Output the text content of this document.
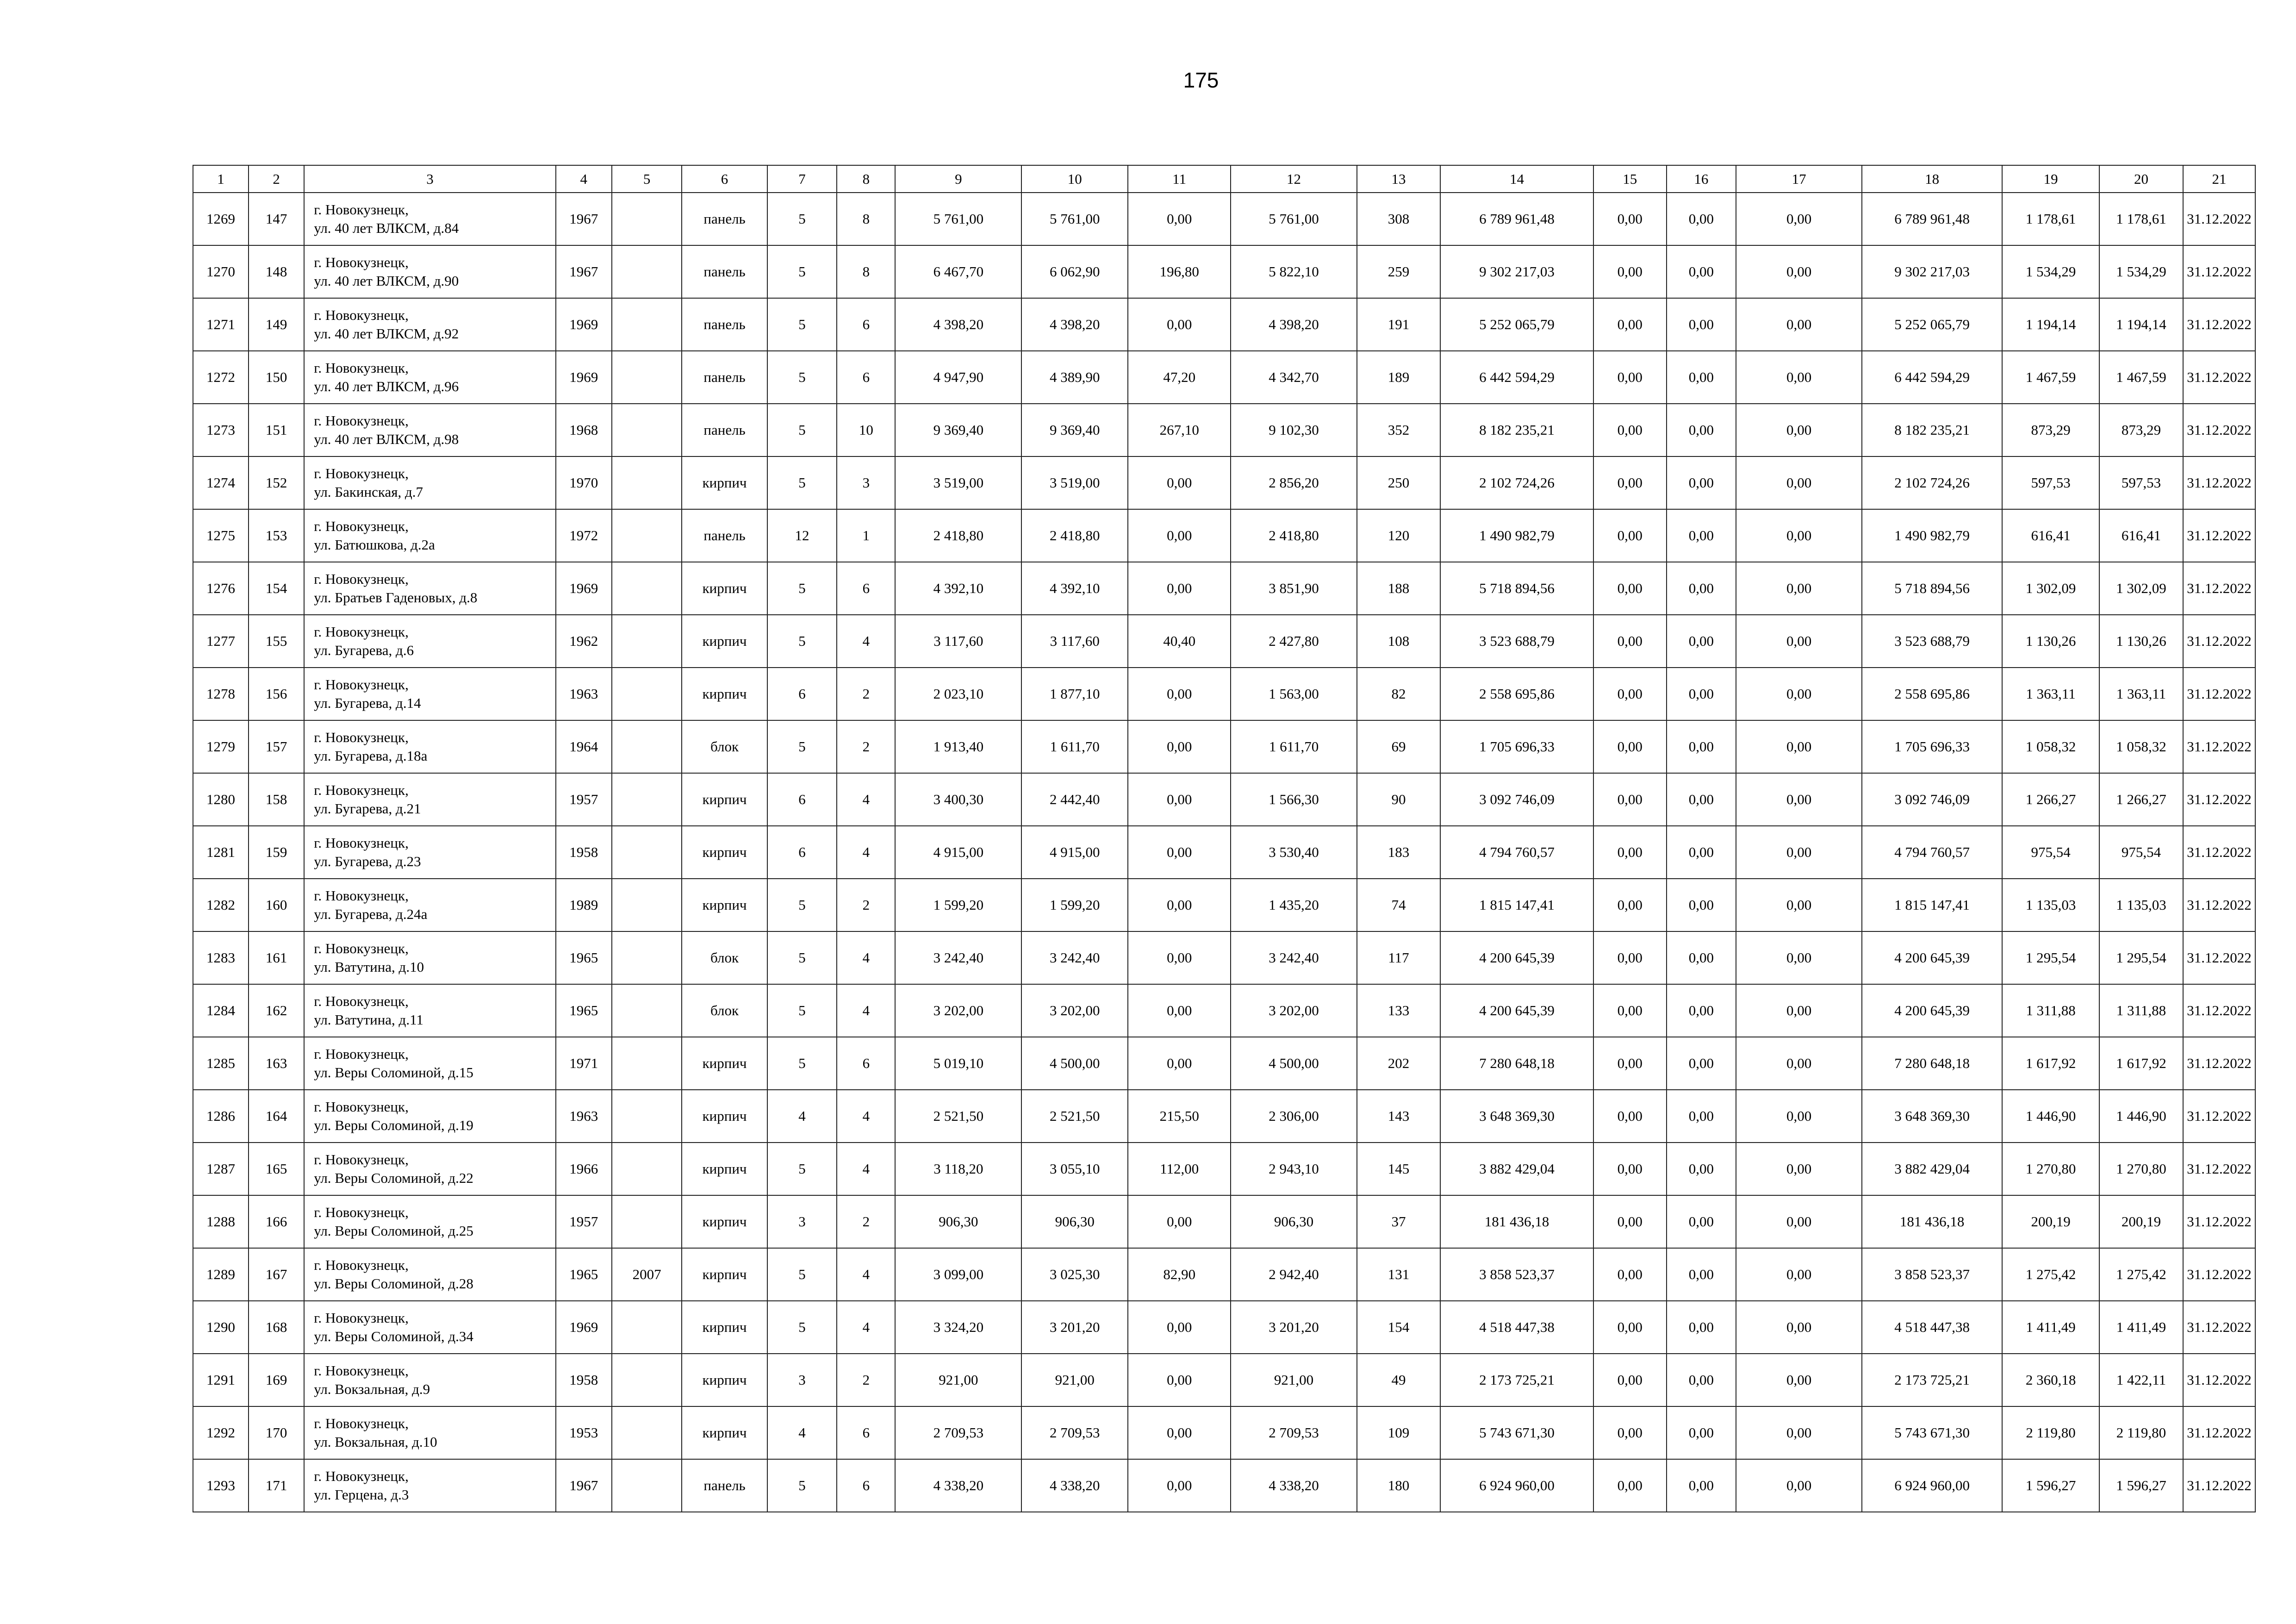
175
1	2	3	4	5	6	7	8	9	10	11	12	13	14	15	16	17	18	19	20	21
1269	147	г. Новокузнецк,
ул. 40 лет ВЛКСМ, д.84	1967		панель	5	8	5 761,00	5 761,00	0,00	5 761,00	308	6 789 961,48	0,00	0,00	0,00	6 789 961,48	1 178,61	1 178,61	31.12.2022
1270	148	г. Новокузнецк,
ул. 40 лет ВЛКСМ, д.90	1967		панель	5	8	6 467,70	6 062,90	196,80	5 822,10	259	9 302 217,03	0,00	0,00	0,00	9 302 217,03	1 534,29	1 534,29	31.12.2022
1271	149	г. Новокузнецк,
ул. 40 лет ВЛКСМ, д.92	1969		панель	5	6	4 398,20	4 398,20	0,00	4 398,20	191	5 252 065,79	0,00	0,00	0,00	5 252 065,79	1 194,14	1 194,14	31.12.2022
1272	150	г. Новокузнецк,
ул. 40 лет ВЛКСМ, д.96	1969		панель	5	6	4 947,90	4 389,90	47,20	4 342,70	189	6 442 594,29	0,00	0,00	0,00	6 442 594,29	1 467,59	1 467,59	31.12.2022
1273	151	г. Новокузнецк,
ул. 40 лет ВЛКСМ, д.98	1968		панель	5	10	9 369,40	9 369,40	267,10	9 102,30	352	8 182 235,21	0,00	0,00	0,00	8 182 235,21	873,29	873,29	31.12.2022
1274	152	г. Новокузнецк,
ул. Бакинская, д.7	1970		кирпич	5	3	3 519,00	3 519,00	0,00	2 856,20	250	2 102 724,26	0,00	0,00	0,00	2 102 724,26	597,53	597,53	31.12.2022
1275	153	г. Новокузнецк,
ул. Батюшкова, д.2а	1972		панель	12	1	2 418,80	2 418,80	0,00	2 418,80	120	1 490 982,79	0,00	0,00	0,00	1 490 982,79	616,41	616,41	31.12.2022
1276	154	г. Новокузнецк,
ул. Братьев Гаденовых, д.8	1969		кирпич	5	6	4 392,10	4 392,10	0,00	3 851,90	188	5 718 894,56	0,00	0,00	0,00	5 718 894,56	1 302,09	1 302,09	31.12.2022
1277	155	г. Новокузнецк,
ул. Бугарева, д.6	1962		кирпич	5	4	3 117,60	3 117,60	40,40	2 427,80	108	3 523 688,79	0,00	0,00	0,00	3 523 688,79	1 130,26	1 130,26	31.12.2022
1278	156	г. Новокузнецк,
ул. Бугарева, д.14	1963		кирпич	6	2	2 023,10	1 877,10	0,00	1 563,00	82	2 558 695,86	0,00	0,00	0,00	2 558 695,86	1 363,11	1 363,11	31.12.2022
1279	157	г. Новокузнецк,
ул. Бугарева, д.18а	1964		блок	5	2	1 913,40	1 611,70	0,00	1 611,70	69	1 705 696,33	0,00	0,00	0,00	1 705 696,33	1 058,32	1 058,32	31.12.2022
1280	158	г. Новокузнецк,
ул. Бугарева, д.21	1957		кирпич	6	4	3 400,30	2 442,40	0,00	1 566,30	90	3 092 746,09	0,00	0,00	0,00	3 092 746,09	1 266,27	1 266,27	31.12.2022
1281	159	г. Новокузнецк,
ул. Бугарева, д.23	1958		кирпич	6	4	4 915,00	4 915,00	0,00	3 530,40	183	4 794 760,57	0,00	0,00	0,00	4 794 760,57	975,54	975,54	31.12.2022
1282	160	г. Новокузнецк,
ул. Бугарева, д.24а	1989		кирпич	5	2	1 599,20	1 599,20	0,00	1 435,20	74	1 815 147,41	0,00	0,00	0,00	1 815 147,41	1 135,03	1 135,03	31.12.2022
1283	161	г. Новокузнецк,
ул. Ватутина, д.10	1965		блок	5	4	3 242,40	3 242,40	0,00	3 242,40	117	4 200 645,39	0,00	0,00	0,00	4 200 645,39	1 295,54	1 295,54	31.12.2022
1284	162	г. Новокузнецк,
ул. Ватутина, д.11	1965		блок	5	4	3 202,00	3 202,00	0,00	3 202,00	133	4 200 645,39	0,00	0,00	0,00	4 200 645,39	1 311,88	1 311,88	31.12.2022
1285	163	г. Новокузнецк,
ул. Веры Соломиной, д.15	1971		кирпич	5	6	5 019,10	4 500,00	0,00	4 500,00	202	7 280 648,18	0,00	0,00	0,00	7 280 648,18	1 617,92	1 617,92	31.12.2022
1286	164	г. Новокузнецк,
ул. Веры Соломиной, д.19	1963		кирпич	4	4	2 521,50	2 521,50	215,50	2 306,00	143	3 648 369,30	0,00	0,00	0,00	3 648 369,30	1 446,90	1 446,90	31.12.2022
1287	165	г. Новокузнецк,
ул. Веры Соломиной, д.22	1966		кирпич	5	4	3 118,20	3 055,10	112,00	2 943,10	145	3 882 429,04	0,00	0,00	0,00	3 882 429,04	1 270,80	1 270,80	31.12.2022
1288	166	г. Новокузнецк,
ул. Веры Соломиной, д.25	1957		кирпич	3	2	906,30	906,30	0,00	906,30	37	181 436,18	0,00	0,00	0,00	181 436,18	200,19	200,19	31.12.2022
1289	167	г. Новокузнецк,
ул. Веры Соломиной, д.28	1965	2007	кирпич	5	4	3 099,00	3 025,30	82,90	2 942,40	131	3 858 523,37	0,00	0,00	0,00	3 858 523,37	1 275,42	1 275,42	31.12.2022
1290	168	г. Новокузнецк,
ул. Веры Соломиной, д.34	1969		кирпич	5	4	3 324,20	3 201,20	0,00	3 201,20	154	4 518 447,38	0,00	0,00	0,00	4 518 447,38	1 411,49	1 411,49	31.12.2022
1291	169	г. Новокузнецк,
ул. Вокзальная, д.9	1958		кирпич	3	2	921,00	921,00	0,00	921,00	49	2 173 725,21	0,00	0,00	0,00	2 173 725,21	2 360,18	1 422,11	31.12.2022
1292	170	г. Новокузнецк,
ул. Вокзальная, д.10	1953		кирпич	4	6	2 709,53	2 709,53	0,00	2 709,53	109	5 743 671,30	0,00	0,00	0,00	5 743 671,30	2 119,80	2 119,80	31.12.2022
1293	171	г. Новокузнецк,
ул. Герцена, д.3	1967		панель	5	6	4 338,20	4 338,20	0,00	4 338,20	180	6 924 960,00	0,00	0,00	0,00	6 924 960,00	1 596,27	1 596,27	31.12.2022
